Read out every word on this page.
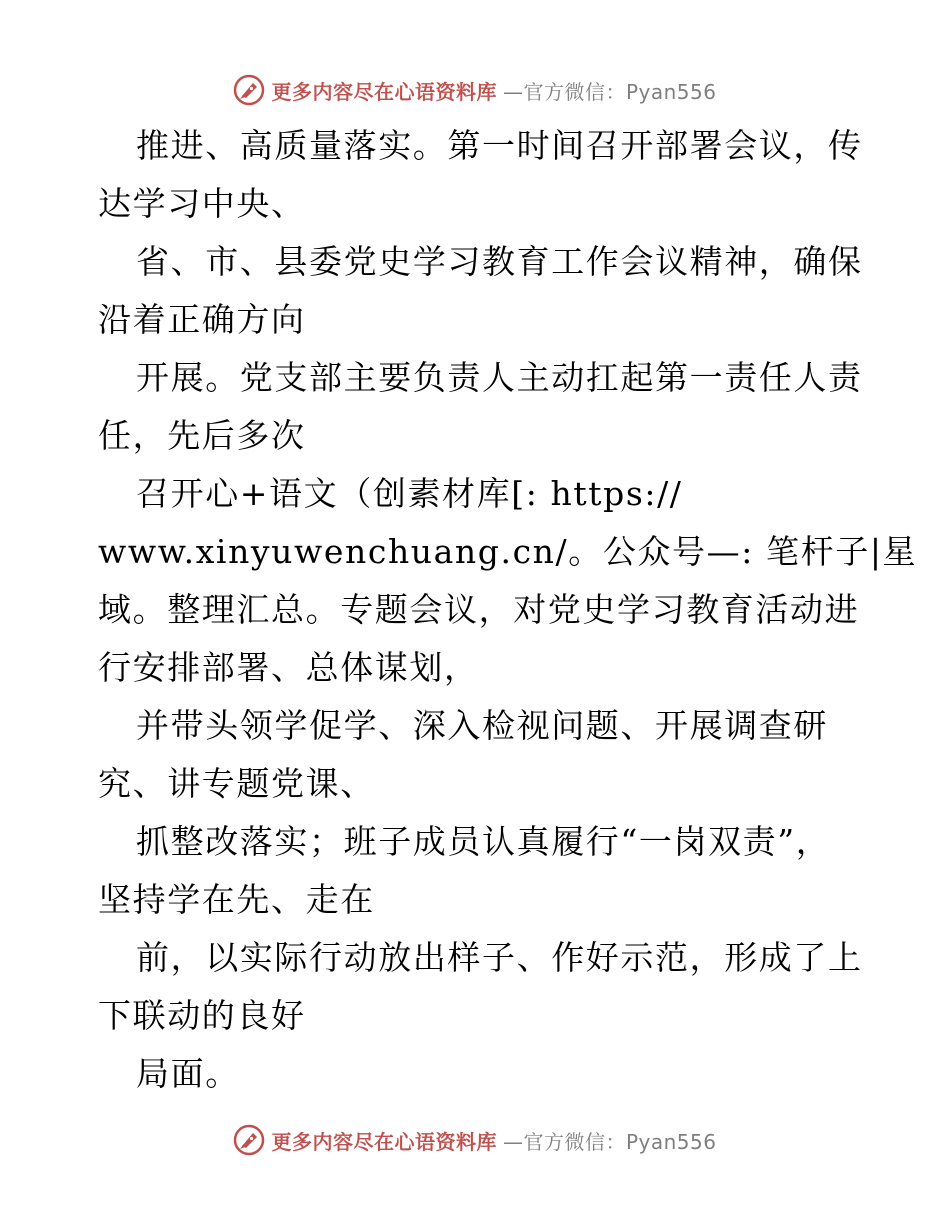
更多内容尽在心语资料库 —官方微信：Pyan556
推进、高质量落实。第一时间召开部署会议，传
达学习中央、
省、市、县委党史学习教育工作会议精神，确保
沿着正确方向
开展。党支部主要负责人主动扛起第一责任人责
任，先后多次
召开心+语文（创素材库[: https://
www.xinyuwenchuang.cn/。公众号—: 笔杆子|星
域。整理汇总。专题会议，对党史学习教育活动进
行安排部署、总体谋划，
并带头领学促学、深入检视问题、开展调查研
究、讲专题党课、
抓整改落实；班子成员认真履行“一岗双责”，
坚持学在先、走在
前，以实际行动放出样子、作好示范，形成了上
下联动的良好
局面。
更多内容尽在心语资料库 —官方微信：Pyan556
